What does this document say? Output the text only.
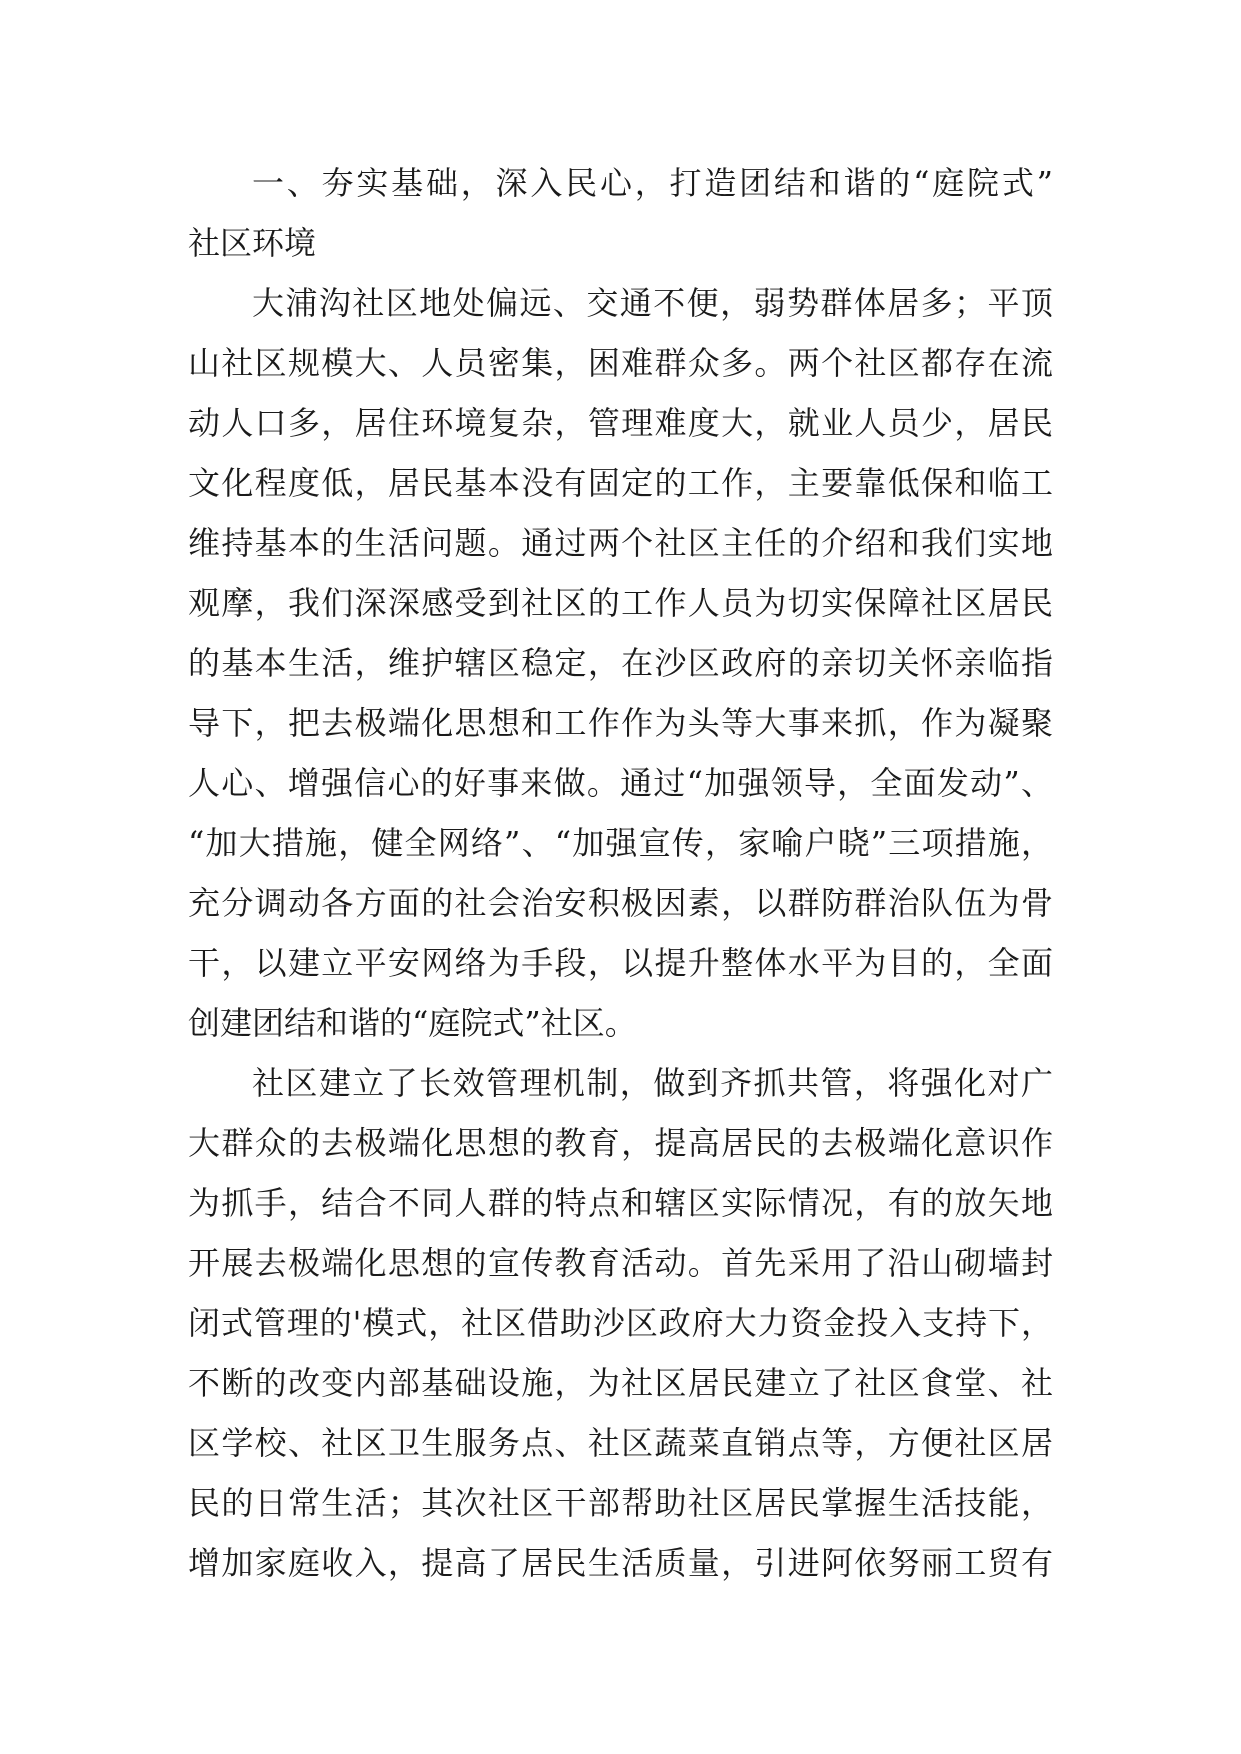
一、夯实基础，深入民心，打造团结和谐的“庭院式”
社区环境
大浦沟社区地处偏远、交通不便，弱势群体居多；平顶
山社区规模大、人员密集，困难群众多。两个社区都存在流
动人口多，居住环境复杂，管理难度大，就业人员少，居民
文化程度低，居民基本没有固定的工作，主要靠低保和临工
维持基本的生活问题。通过两个社区主任的介绍和我们实地
观摩，我们深深感受到社区的工作人员为切实保障社区居民
的基本生活，维护辖区稳定，在沙区政府的亲切关怀亲临指
导下，把去极端化思想和工作作为头等大事来抓，作为凝聚
人心、增强信心的好事来做。通过“加强领导，全面发动”、
“加大措施，健全网络”、“加强宣传，家喻户晓”三项措施，
充分调动各方面的社会治安积极因素，以群防群治队伍为骨
干，以建立平安网络为手段，以提升整体水平为目的，全面
创建团结和谐的“庭院式”社区。
社区建立了长效管理机制，做到齐抓共管，将强化对广
大群众的去极端化思想的教育，提高居民的去极端化意识作
为抓手，结合不同人群的特点和辖区实际情况，有的放矢地
开展去极端化思想的宣传教育活动。首先采用了沿山砌墙封
闭式管理的'模式，社区借助沙区政府大力资金投入支持下，
不断的改变内部基础设施，为社区居民建立了社区食堂、社
区学校、社区卫生服务点、社区蔬菜直销点等，方便社区居
民的日常生活；其次社区干部帮助社区居民掌握生活技能，
增加家庭收入，提高了居民生活质量，引进阿依努丽工贸有
